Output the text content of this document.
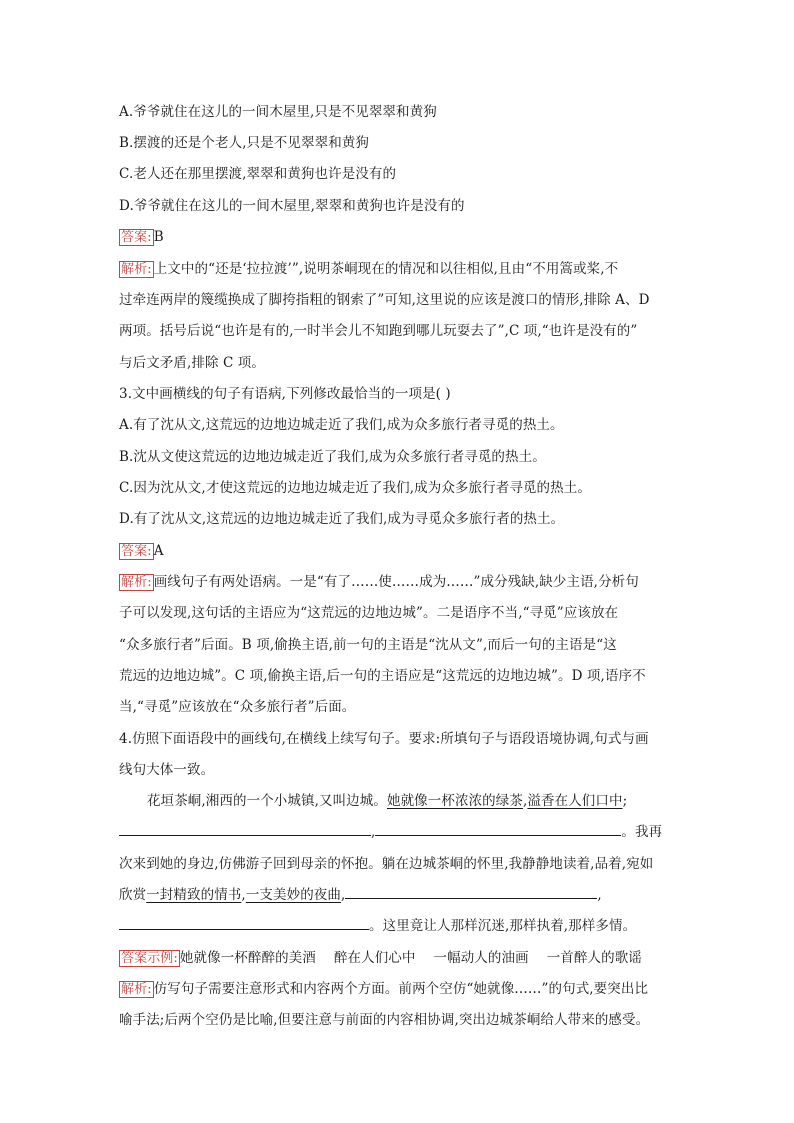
A.爷爷就住在这儿的一间木屋里,只是不见翠翠和黄狗
B.摆渡的还是个老人,只是不见翠翠和黄狗
C.老人还在那里摆渡,翠翠和黄狗也许是没有的
D.爷爷就住在这儿的一间木屋里,翠翠和黄狗也许是没有的
答案: B
解析: 上文中的“还是‘拉拉渡’”,说明茶峒现在的情况和以往相似,且由“不用篙或桨,不
过牵连两岸的篾缆换成了脚挎指粗的钢索了”可知,这里说的应该是渡口的情形,排除 A、D
两项。括号后说“也许是有的,一时半会儿不知跑到哪儿玩耍去了”,C 项,“也许是没有的”
与后文矛盾,排除 C 项。
3.文中画横线的句子有语病,下列修改最恰当的一项是( )
A.有了沈从文,这荒远的边地边城走近了我们,成为众多旅行者寻觅的热土。
B.沈从文使这荒远的边地边城走近了我们,成为众多旅行者寻觅的热土。
C.因为沈从文,才使这荒远的边地边城走近了我们,成为众多旅行者寻觅的热土。
D.有了沈从文,这荒远的边地边城走近了我们,成为寻觅众多旅行者的热土。
答案: A
解析: 画线句子有两处语病。一是“有了……使……成为……”成分残缺,缺少主语,分析句
子可以发现,这句话的主语应为“这荒远的边地边城”。二是语序不当,“寻觅”应该放在
“众多旅行者”后面。B 项,偷换主语,前一句的主语是“沈从文”,而后一句的主语是“这
荒远的边地边城”。C 项,偷换主语,后一句的主语应是“这荒远的边地边城”。D 项,语序不
当,“寻觅”应该放在“众多旅行者”后面。
4.仿照下面语段中的画线句,在横线上续写句子。要求:所填句子与语段语境协调,句式与画
线句大体一致。
花垣茶峒,湘西的一个小城镇,又叫边城。她就像一杯浓浓的绿茶,溢香在人们口中;
,	。我再
次来到她的身边,仿佛游子回到母亲的怀抱。躺在边城茶峒的怀里,我静静地读着,品着,宛如
欣赏一封精致的情书,一支美妙的夜曲,	,
。这里竟让人那样沉迷,那样执着,那样多情。
答案示例: 她就像一杯醉醉的美酒 醉在人们心中 一幅动人的油画 一首醉人的歌谣
解析: 仿写句子需要注意形式和内容两个方面。前两个空仿“她就像……”的句式,要突出比
喻手法;后两个空仍是比喻,但要注意与前面的内容相协调,突出边城茶峒给人带来的感受。
